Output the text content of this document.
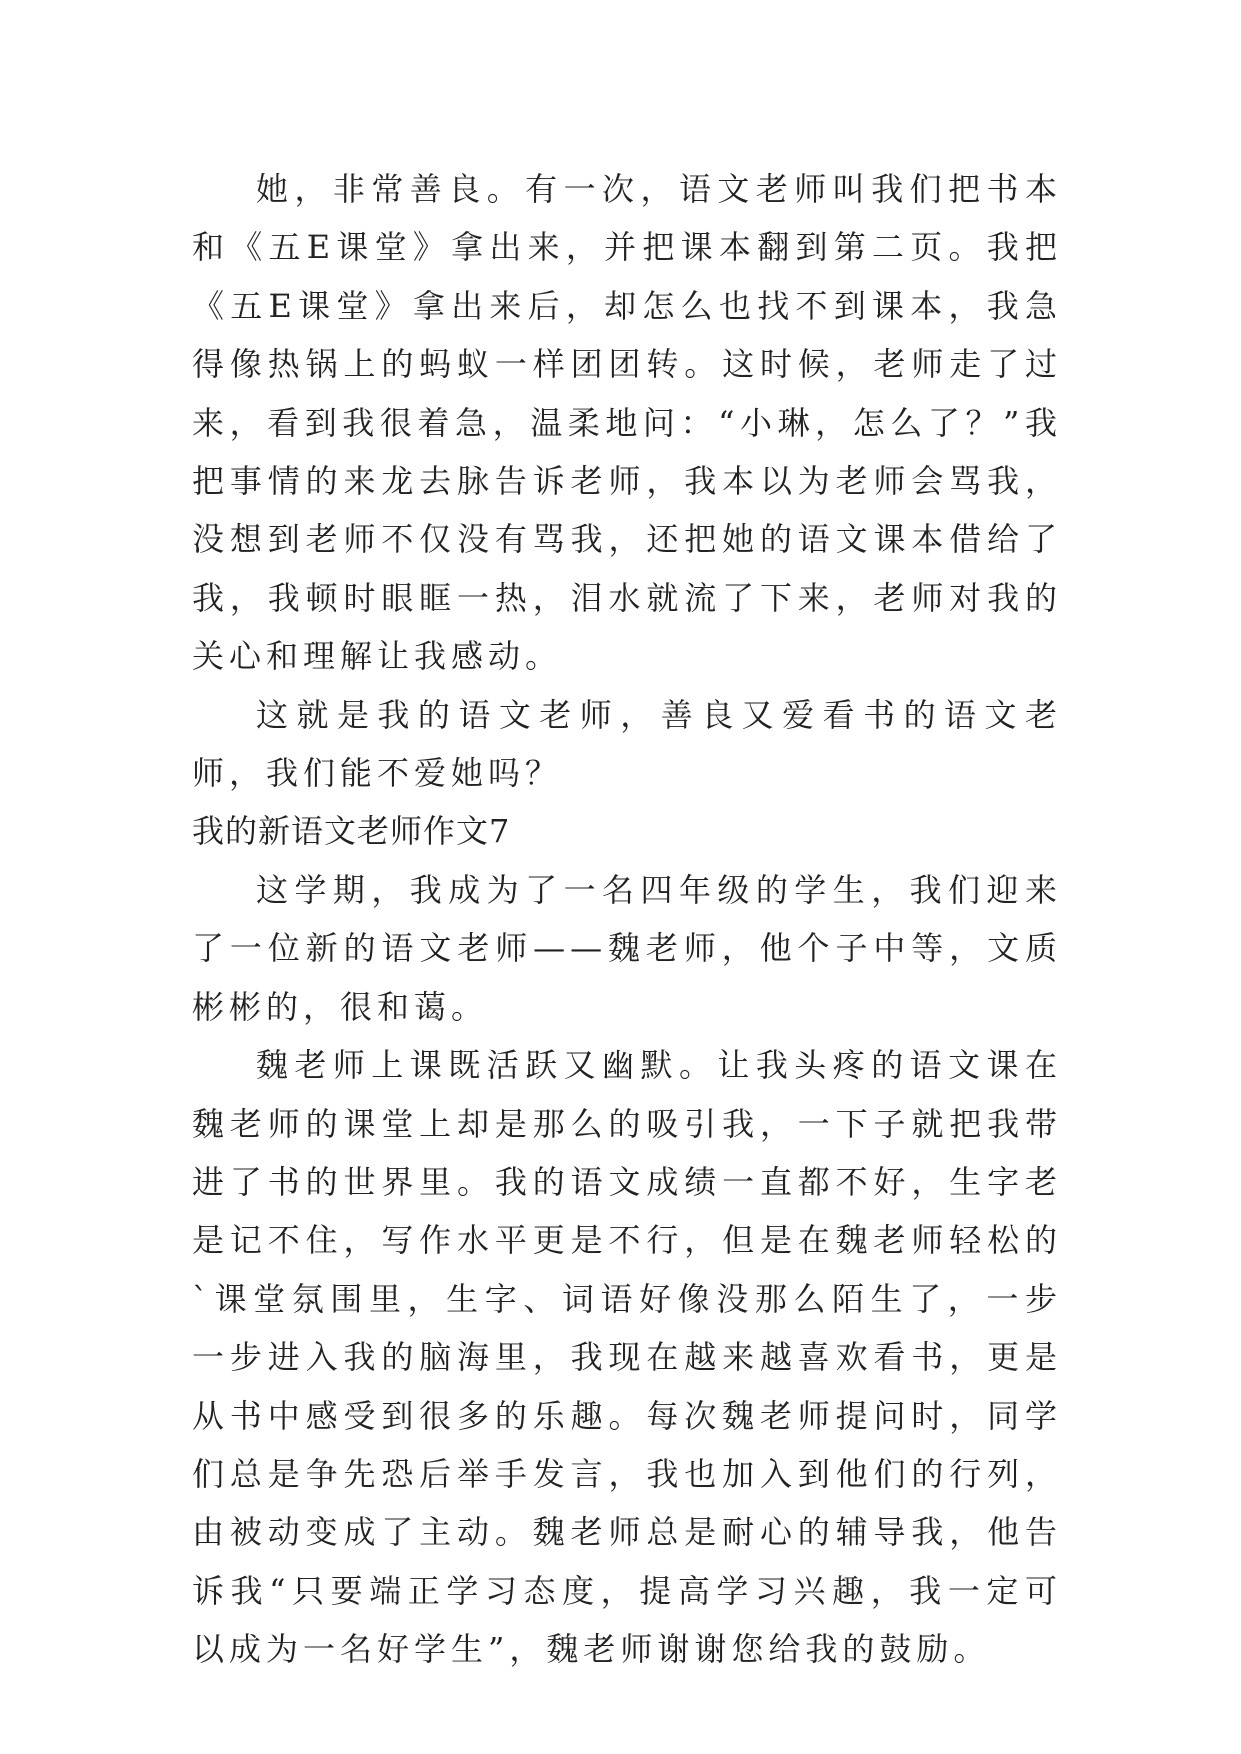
她，非常善良。有一次，语文老师叫我们把书本和《五E课堂》拿出来，并把课本翻到第二页。我把《五E课堂》拿出来后，却怎么也找不到课本，我急得像热锅上的蚂蚁一样团团转。这时候，老师走了过来，看到我很着急，温柔地问：“小琳，怎么了？”我把事情的来龙去脉告诉老师，我本以为老师会骂我，没想到老师不仅没有骂我，还把她的语文课本借给了我，我顿时眼眶一热，泪水就流了下来，老师对我的关心和理解让我感动。

这就是我的语文老师，善良又爱看书的语文老师，我们能不爱她吗？

我的新语文老师作文7

这学期，我成为了一名四年级的学生，我们迎来了一位新的语文老师——魏老师，他个子中等，文质彬彬的，很和蔼。

魏老师上课既活跃又幽默。让我头疼的语文课在魏老师的课堂上却是那么的吸引我，一下子就把我带进了书的世界里。我的语文成绩一直都不好，生字老是记不住，写作水平更是不行，但是在魏老师轻松的`课堂氛围里，生字、词语好像没那么陌生了，一步一步进入我的脑海里，我现在越来越喜欢看书，更是从书中感受到很多的乐趣。每次魏老师提问时，同学们总是争先恐后举手发言，我也加入到他们的行列，由被动变成了主动。魏老师总是耐心的辅导我，他告诉我“只要端正学习态度，提高学习兴趣，我一定可以成为一名好学生”，魏老师谢谢您给我的鼓励。
